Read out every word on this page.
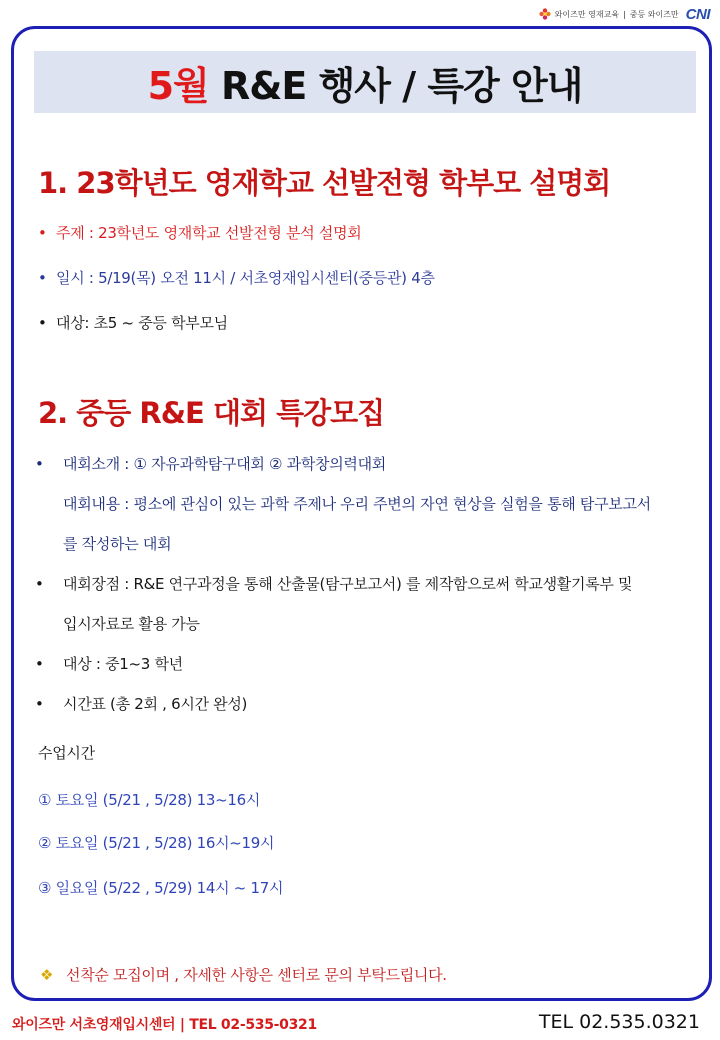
와이즈만 영재교육 | 중등 와이즈만 CNI
5월 R&E 행사 / 특강 안내
1. 23학년도 영재학교 선발전형 학부모 설명회
• 주제 : 23학년도 영재학교 선발전형 분석 설명회
• 일시 : 5/19(목) 오전 11시 / 서초영재입시센터(중등관) 4층
• 대상: 초5 ~ 중등 학부모님
2. 중등 R&E 대회 특강모집
• 대회소개 : ① 자유과학탐구대회 ② 과학창의력대회
대회내용 : 평소에 관심이 있는 과학 주제나 우리 주변의 자연 현상을 실험을 통해 탐구보고서
를 작성하는 대회
• 대회장점 : R&E 연구과정을 통해 산출물(탐구보고서) 를 제작함으로써 학교생활기록부 및
입시자료로 활용 가능
• 대상 : 중1~3 학년
• 시간표 (총 2회 , 6시간 완성)
수업시간
① 토요일 (5/21 , 5/28) 13~16시
② 토요일 (5/21 , 5/28) 16시~19시
③ 일요일 (5/22 , 5/29) 14시 ~ 17시
❖ 선착순 모집이며 , 자세한 사항은 센터로 문의 부탁드립니다.
와이즈만 서초영재입시센터 | TEL 02-535-0321	TEL 02.535.0321
